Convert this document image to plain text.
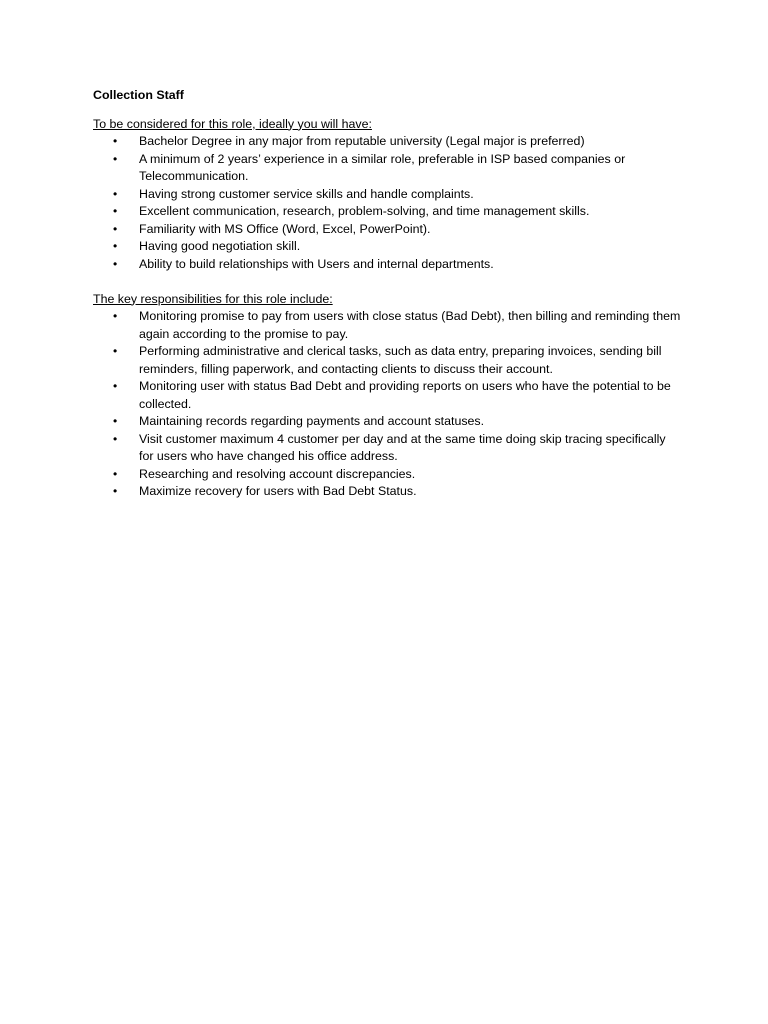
Collection Staff

To be considered for this role, ideally you will have:

• Bachelor Degree in any major from reputable university (Legal major is preferred)
• A minimum of 2 years’ experience in a similar role, preferable in ISP based companies or Telecommunication.
• Having strong customer service skills and handle complaints.
• Excellent communication, research, problem-solving, and time management skills.
• Familiarity with MS Office (Word, Excel, PowerPoint).
• Having good negotiation skill.
• Ability to build relationships with Users and internal departments.

The key responsibilities for this role include:

• Monitoring promise to pay from users with close status (Bad Debt), then billing and reminding them again according to the promise to pay.
• Performing administrative and clerical tasks, such as data entry, preparing invoices, sending bill reminders, filling paperwork, and contacting clients to discuss their account.
• Monitoring user with status Bad Debt and providing reports on users who have the potential to be collected.
• Maintaining records regarding payments and account statuses.
• Visit customer maximum 4 customer per day and at the same time doing skip tracing specifically for users who have changed his office address.
• Researching and resolving account discrepancies.
• Maximize recovery for users with Bad Debt Status.
